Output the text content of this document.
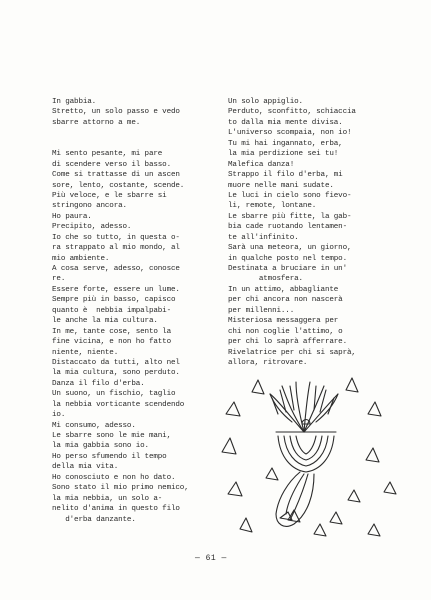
In gabbia.
Stretto, un solo passo e vedo
sbarre attorno a me.
Mi sento pesante, mi pare
di scendere verso il basso.
Come si trattasse di un ascen
sore, lento, costante, scende.
Più veloce, e le sbarre si
stringono ancora.
Ho paura.
Precipito, adesso.
Io che so tutto, in questa o-
ra strappato al mio mondo, al
mio ambiente.
A cosa serve, adesso, conosce
re.
Essere forte, essere un lume.
Sempre più in basso, capisco
quanto è  nebbia impalpabi-
le anche la mia cultura.
In me, tante cose, sento la
fine vicina, e non ho fatto
niente, niente.
Distaccato da tutti, alto nel
la mia cultura, sono perduto.
Danza il filo d'erba.
Un suono, un fischio, taglio
la nebbia vorticante scendendo
io.
Mi consumo, adesso.
Le sbarre sono le mie mani,
la mia gabbia sono io.
Ho perso sfumendo il tempo
della mia vita.
Ho conosciuto e non ho dato.
Sono stato il mio primo nemico,
la mia nebbia, un solo a-
nelito d'anima in questo filo
d'erba danzante.
Un solo appiglio.
Perduto, sconfitto, schiaccia
to dalla mia mente divisa.
L'universo scompaia, non io!
Tu mi hai ingannato, erba,
la mia perdizione sei tu!
Malefica danza!
Strappo il filo d'erba, mi
muore nelle mani sudate.
Le luci in cielo sono fievo-
li, remote, lontane.
Le sbarre più fitte, la gab-
bia cade ruotando lentamen-
te all'infinito.
Sarà una meteora, un giorno,
in qualche posto nel tempo.
Destinata a bruciare in un'
atmosfera.
In un attimo, abbagliante
per chi ancora non nascerà
per millenni...
Misteriosa messaggera per
chi non coglie l'attimo, o
per chi lo saprà afferrare.
Rivelatrice per chi si saprà,
allora, ritrovare.
— 61 —
